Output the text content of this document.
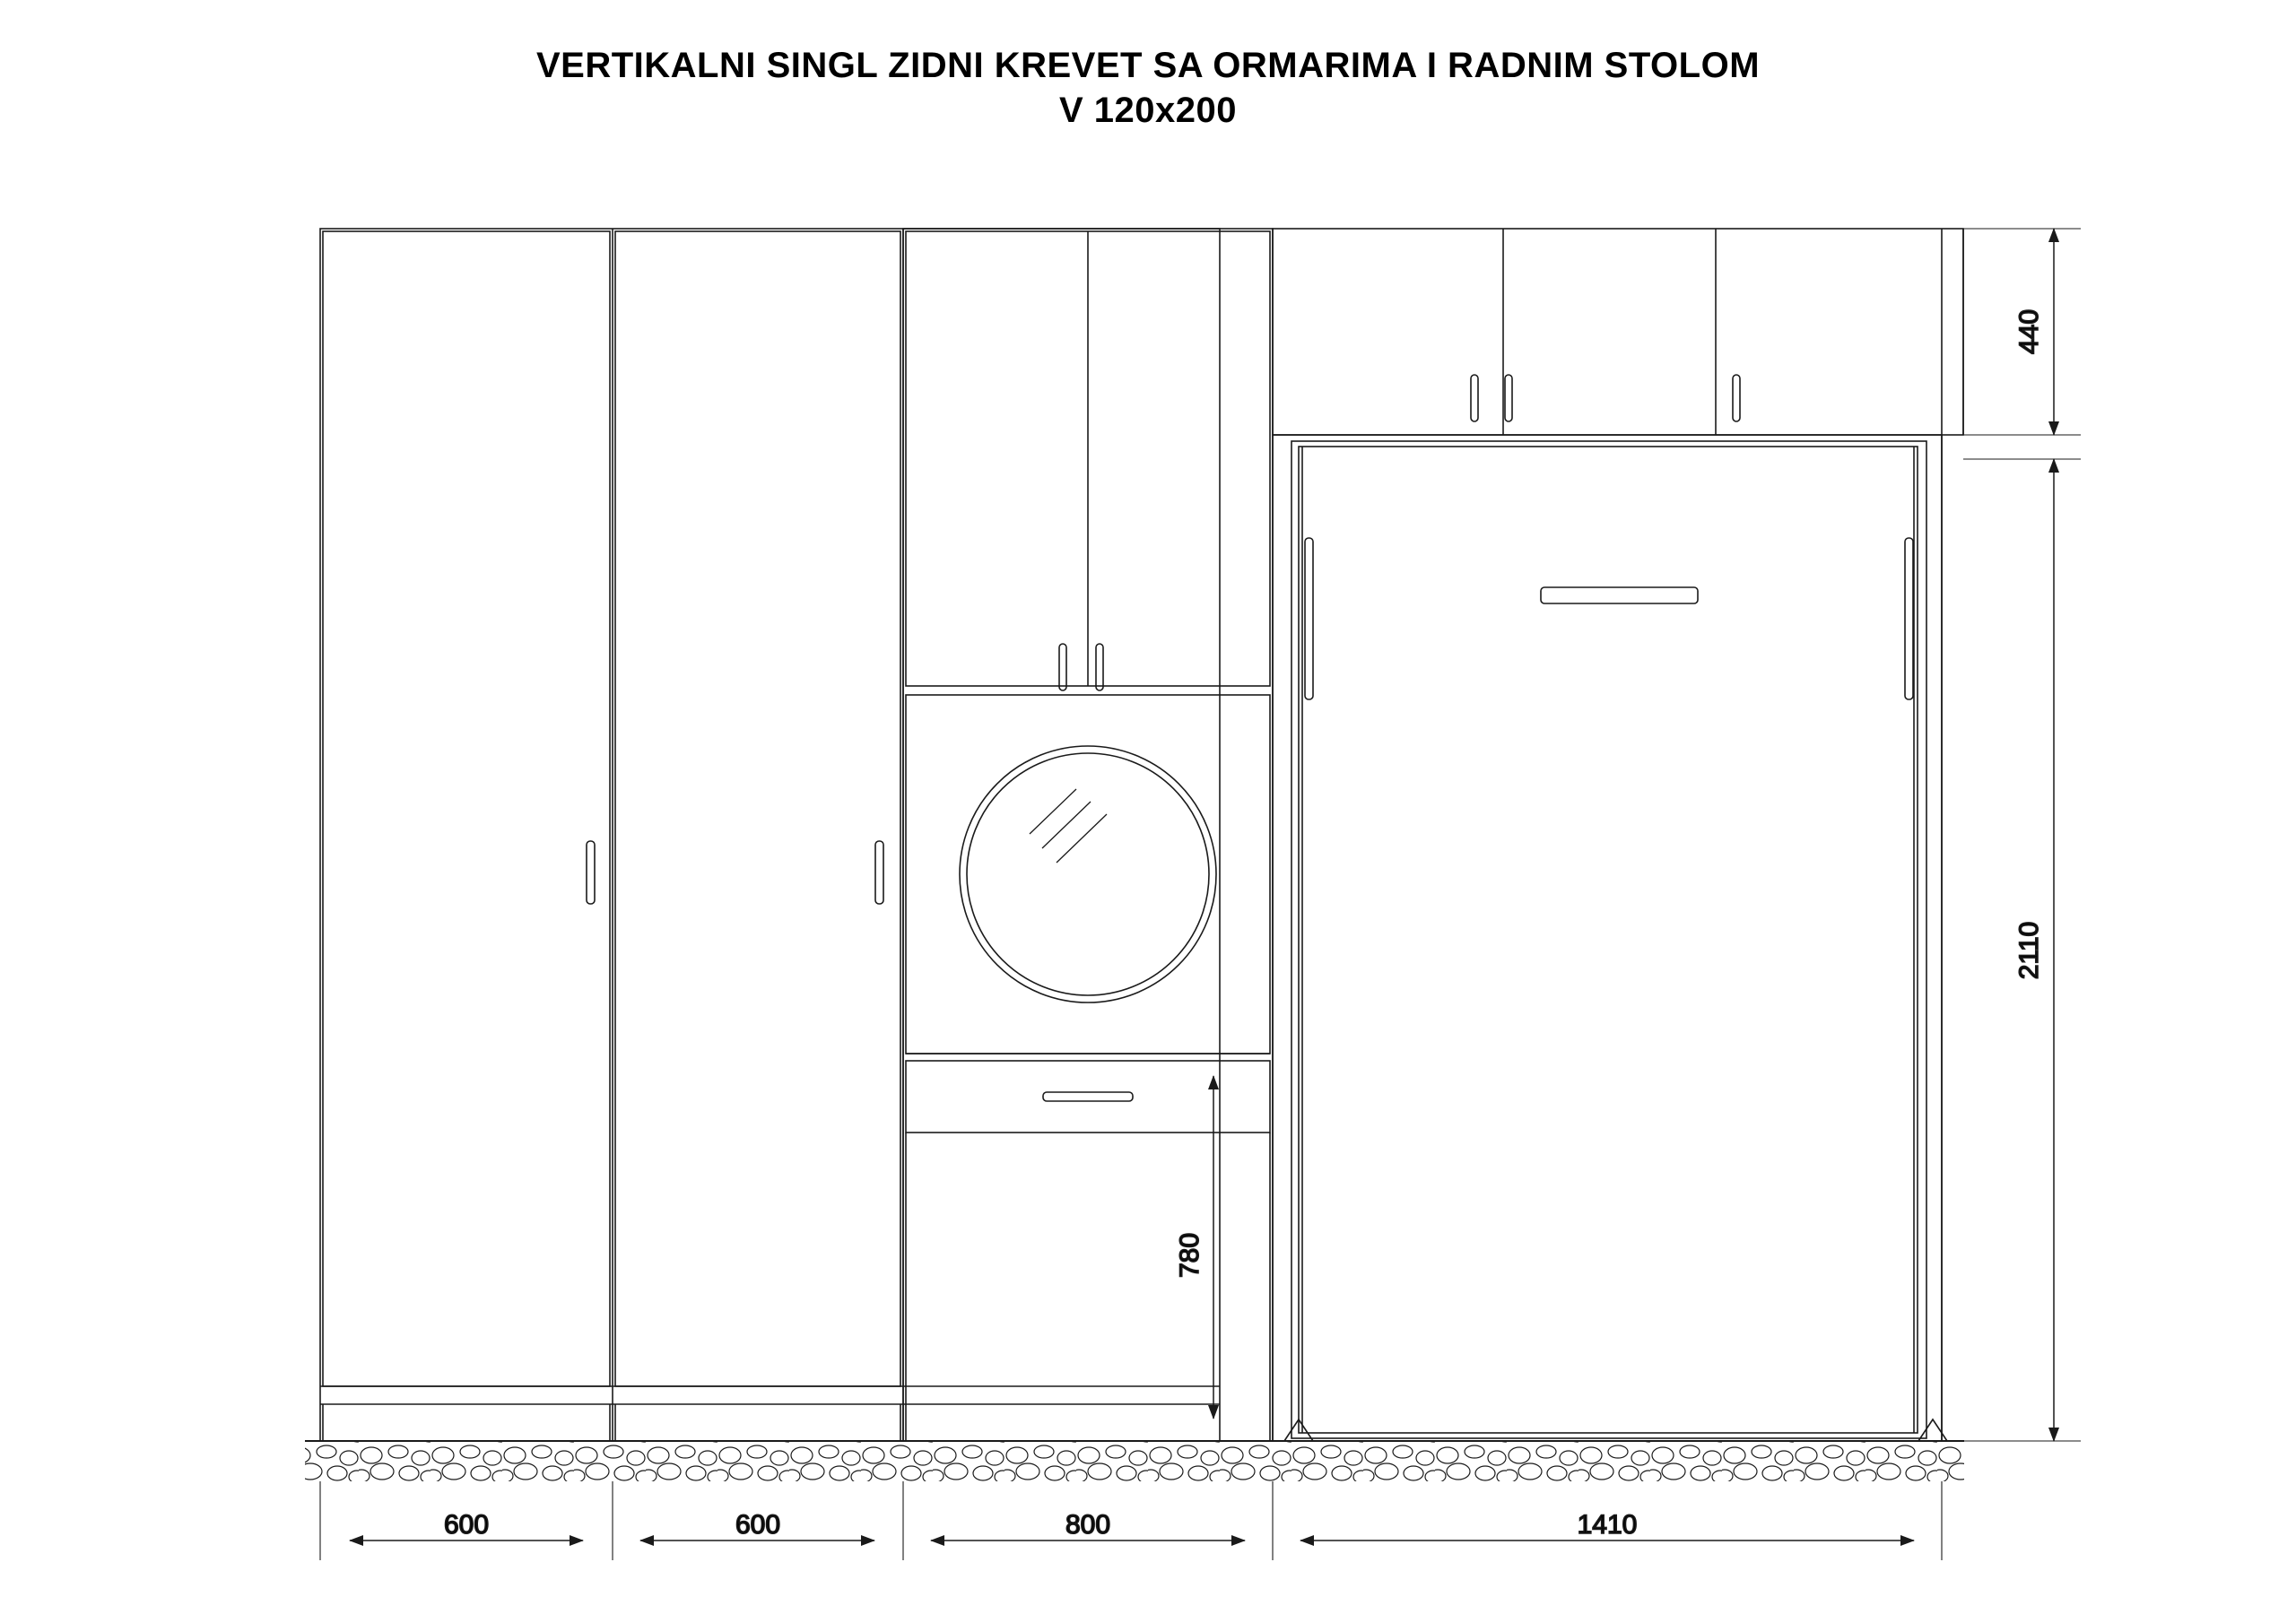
VERTIKALNI SINGL ZIDNI KREVET SA ORMARIMA I RADNIM STOLOM
V 120x200
440
2110
780
600	600	800	1410
